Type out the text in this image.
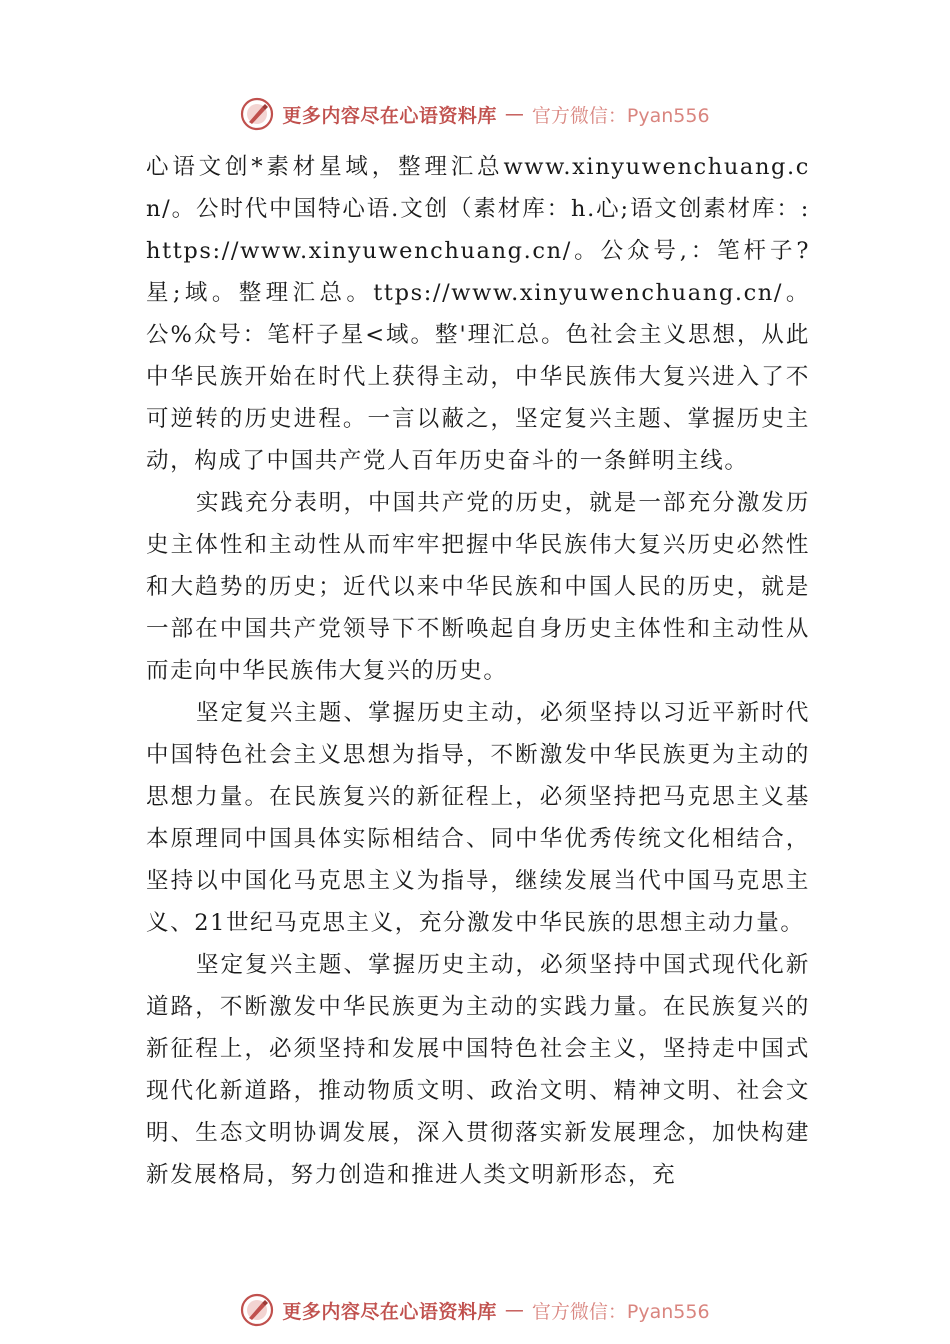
更多内容尽在心语资料库 — 官方微信：Pyan556

心语文创*素材星域，整理汇总www.xinyuwenchuang.cn/。公时代中国特心语.文创（素材库：h.心;语文创素材库：:https://www.xinyuwenchuang.cn/。公众号,：笔杆子?星;域。整理汇总。ttps://www.xinyuwenchuang.cn/。公%众号：笔杆子星<域。整'理汇总。色社会主义思想，从此中华民族开始在时代上获得主动，中华民族伟大复兴进入了不可逆转的历史进程。一言以蔽之，坚定复兴主题、掌握历史主动，构成了中国共产党人百年历史奋斗的一条鲜明主线。

实践充分表明，中国共产党的历史，就是一部充分激发历史主体性和主动性从而牢牢把握中华民族伟大复兴历史必然性和大趋势的历史；近代以来中华民族和中国人民的历史，就是一部在中国共产党领导下不断唤起自身历史主体性和主动性从而走向中华民族伟大复兴的历史。

坚定复兴主题、掌握历史主动，必须坚持以习近平新时代中国特色社会主义思想为指导，不断激发中华民族更为主动的思想力量。在民族复兴的新征程上，必须坚持把马克思主义基本原理同中国具体实际相结合、同中华优秀传统文化相结合，坚持以中国化马克思主义为指导，继续发展当代中国马克思主义、21世纪马克思主义，充分激发中华民族的思想主动力量。

坚定复兴主题、掌握历史主动，必须坚持中国式现代化新道路，不断激发中华民族更为主动的实践力量。在民族复兴的新征程上，必须坚持和发展中国特色社会主义，坚持走中国式现代化新道路，推动物质文明、政治文明、精神文明、社会文明、生态文明协调发展，深入贯彻落实新发展理念，加快构建新发展格局，努力创造和推进人类文明新形态，充

更多内容尽在心语资料库 — 官方微信：Pyan556
